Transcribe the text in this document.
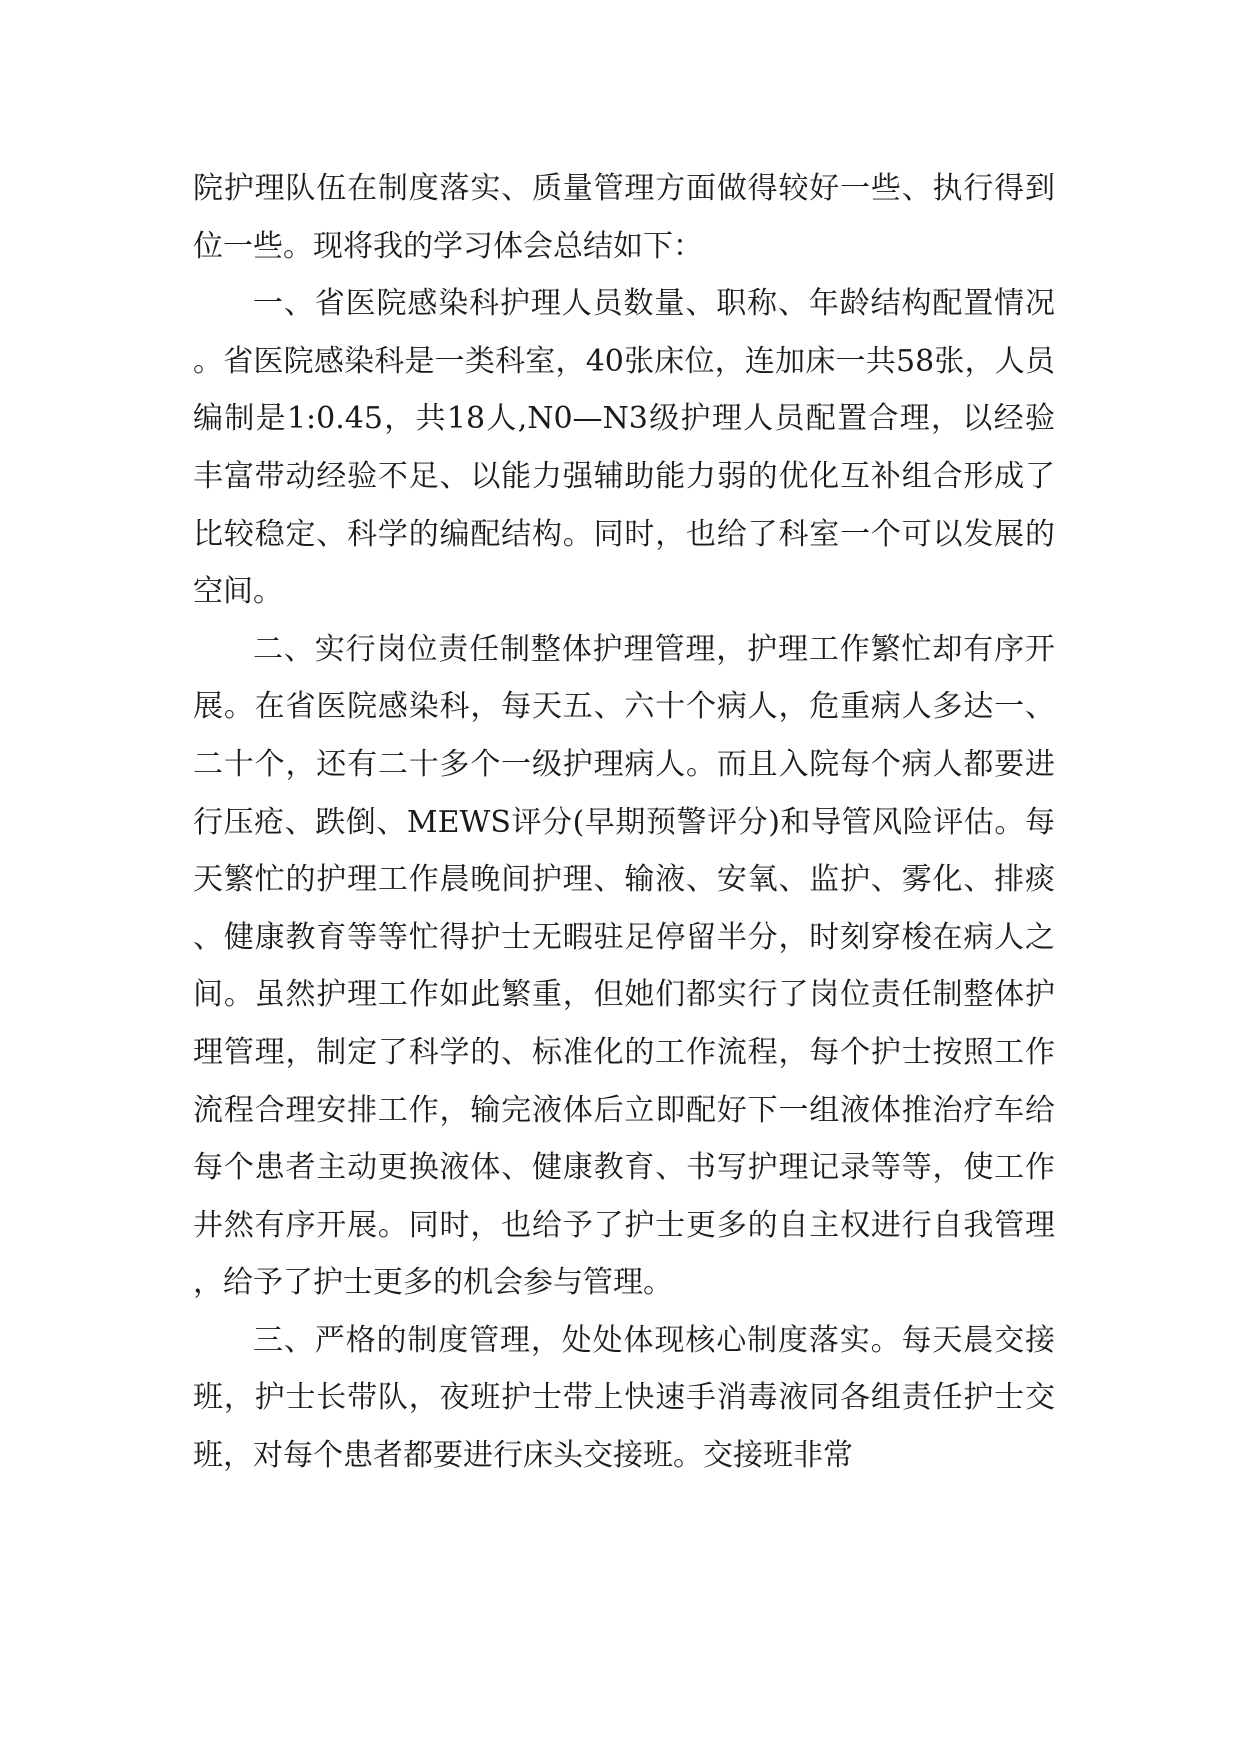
院护理队伍在制度落实、质量管理方面做得较好一些、执行得到位一些。现将我的学习体会总结如下：

一、省医院感染科护理人员数量、职称、年龄结构配置情况。省医院感染科是一类科室，40张床位，连加床一共58张，人员编制是1:0.45，共18人,N0—N3级护理人员配置合理，以经验丰富带动经验不足、以能力强辅助能力弱的优化互补组合形成了比较稳定、科学的编配结构。同时，也给了科室一个可以发展的空间。

二、实行岗位责任制整体护理管理，护理工作繁忙却有序开展。在省医院感染科，每天五、六十个病人，危重病人多达一、二十个，还有二十多个一级护理病人。而且入院每个病人都要进行压疮、跌倒、MEWS评分(早期预警评分)和导管风险评估。每天繁忙的护理工作晨晚间护理、输液、安氧、监护、雾化、排痰、健康教育等等忙得护士无暇驻足停留半分，时刻穿梭在病人之间。虽然护理工作如此繁重，但她们都实行了岗位责任制整体护理管理，制定了科学的、标准化的工作流程，每个护士按照工作流程合理安排工作，输完液体后立即配好下一组液体推治疗车给每个患者主动更换液体、健康教育、书写护理记录等等，使工作井然有序开展。同时，也给予了护士更多的自主权进行自我管理，给予了护士更多的机会参与管理。

三、严格的制度管理，处处体现核心制度落实。每天晨交接班，护士长带队，夜班护士带上快速手消毒液同各组责任护士交班，对每个患者都要进行床头交接班。交接班非常
